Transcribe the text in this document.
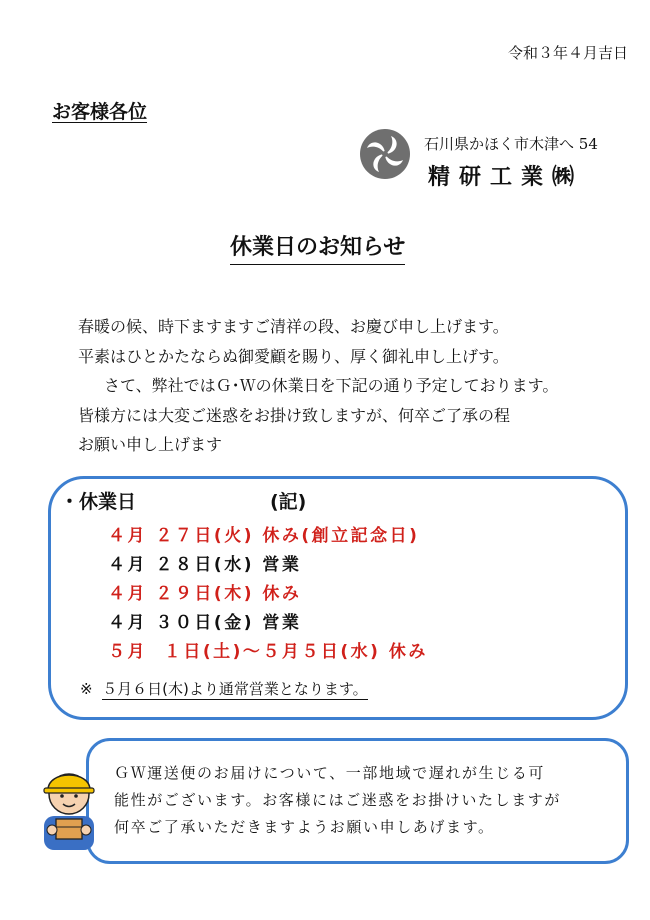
令和３年４月吉日
お客様各位
石川県かほく市木津へ 54
精研工業㈱
休業日のお知らせ
春暖の候、時下ますますご清祥の段、お慶び申し上げます。
平素はひとかたならぬ御愛顧を賜り、厚く御礼申し上げす。
さて、弊社ではＧ･Ｗの休業日を下記の通り予定しております。
皆様方には大変ご迷惑をお掛け致しますが、何卒ご了承の程
お願い申し上げます
・休業日	(記)
４月 ２７日(火) 休み(創立記念日)
４月 ２８日(水) 営業
４月 ２９日(木) 休み
４月 ３０日(金) 営業
５月  １日(土)～５月５日(水) 休み
※ ５月６日(木)より通常営業となります。
ＧＷ運送便のお届けについて、一部地域で遅れが生じる可
能性がございます。お客様にはご迷惑をお掛けいたしますが
何卒ご了承いただきますようお願い申しあげます。
